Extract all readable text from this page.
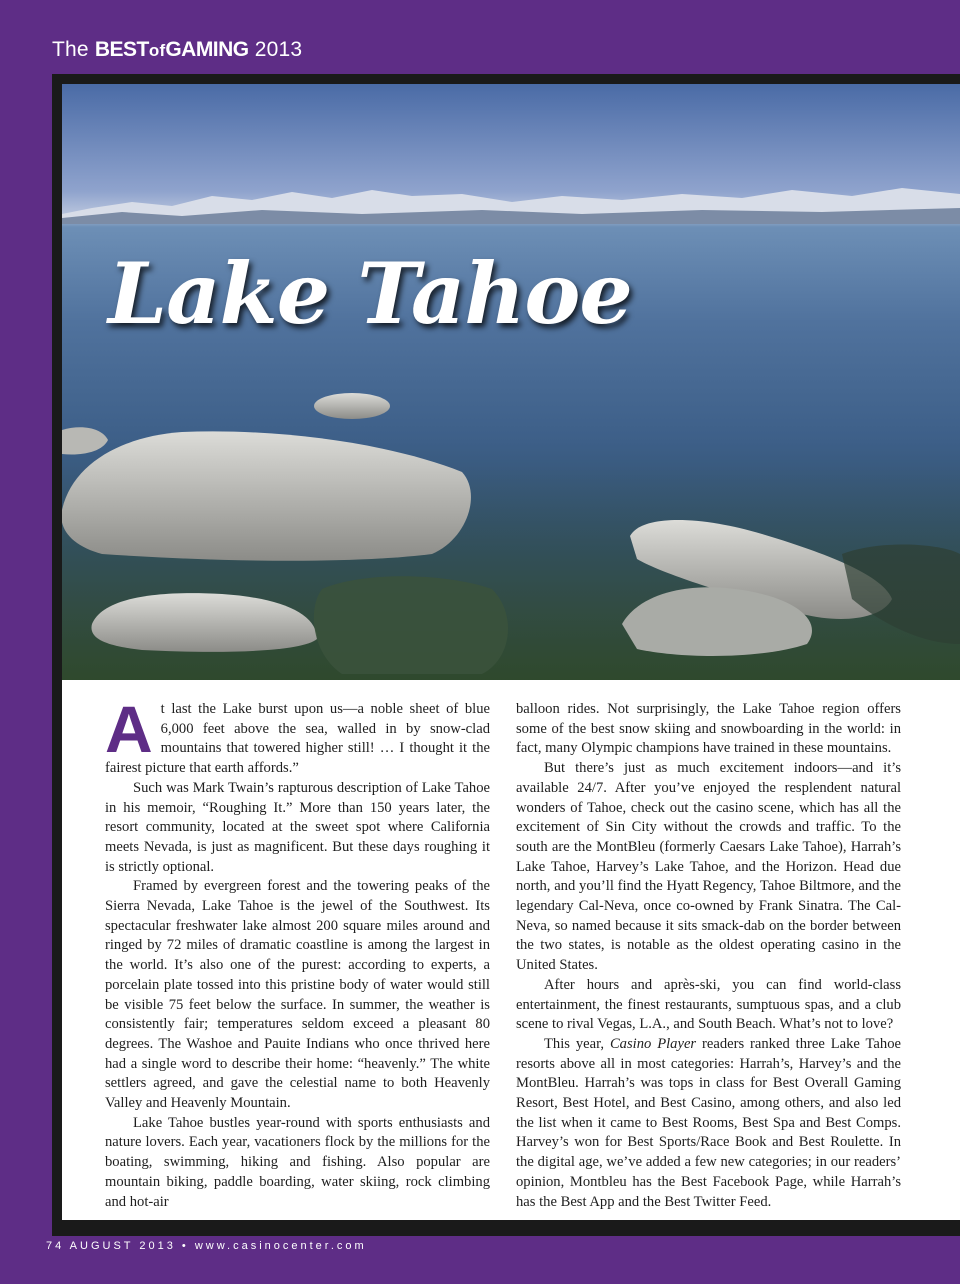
The BESTofGAMING 2013
Lake Tahoe

At last the Lake burst upon us—a noble sheet of blue 6,000 feet above the sea, walled in by snow-clad mountains that towered higher still! … I thought it the fairest picture that earth affords.”

Such was Mark Twain’s rapturous description of Lake Tahoe in his memoir, “Roughing It.” More than 150 years later, the resort community, located at the sweet spot where California meets Nevada, is just as magnificent. But these days roughing it is strictly optional.

Framed by evergreen forest and the towering peaks of the Sierra Nevada, Lake Tahoe is the jewel of the Southwest. Its spectacular freshwater lake almost 200 square miles around and ringed by 72 miles of dramatic coastline is among the largest in the world. It’s also one of the purest: according to experts, a porcelain plate tossed into this pristine body of water would still be visible 75 feet below the surface. In summer, the weather is consistently fair; temperatures seldom exceed a pleasant 80 degrees. The Washoe and Pauite Indians who once thrived here had a single word to describe their home: “heavenly.” The white settlers agreed, and gave the celestial name to both Heavenly Valley and Heavenly Mountain.

Lake Tahoe bustles year-round with sports enthusiasts and nature lovers. Each year, vacationers flock by the millions for the boating, swimming, hiking and fishing. Also popular are mountain biking, paddle boarding, water skiing, rock climbing and hot-air

balloon rides. Not surprisingly, the Lake Tahoe region offers some of the best snow skiing and snowboarding in the world: in fact, many Olympic champions have trained in these mountains.

But there’s just as much excitement indoors—and it’s available 24/7. After you’ve enjoyed the resplendent natural wonders of Tahoe, check out the casino scene, which has all the excitement of Sin City without the crowds and traffic. To the south are the MontBleu (formerly Caesars Lake Tahoe), Harrah’s Lake Tahoe, Harvey’s Lake Tahoe, and the Horizon. Head due north, and you’ll find the Hyatt Regency, Tahoe Biltmore, and the legendary Cal-Neva, once co-owned by Frank Sinatra. The Cal-Neva, so named because it sits smack-dab on the border between the two states, is notable as the oldest operating casino in the United States.

After hours and après-ski, you can find world-class entertainment, the finest restaurants, sumptuous spas, and a club scene to rival Vegas, L.A., and South Beach. What’s not to love?

This year, Casino Player readers ranked three Lake Tahoe resorts above all in most categories: Harrah’s, Harvey’s and the MontBleu. Harrah’s was tops in class for Best Overall Gaming Resort, Best Hotel, and Best Casino, among others, and also led the list when it came to Best Rooms, Best Spa and Best Comps. Harvey’s won for Best Sports/Race Book and Best Roulette. In the digital age, we’ve added a few new categories; in our readers’ opinion, Montbleu has the Best Facebook Page, while Harrah’s has the Best App and the Best Twitter Feed.

74 AUGUST 2013 • www.casinocenter.com
